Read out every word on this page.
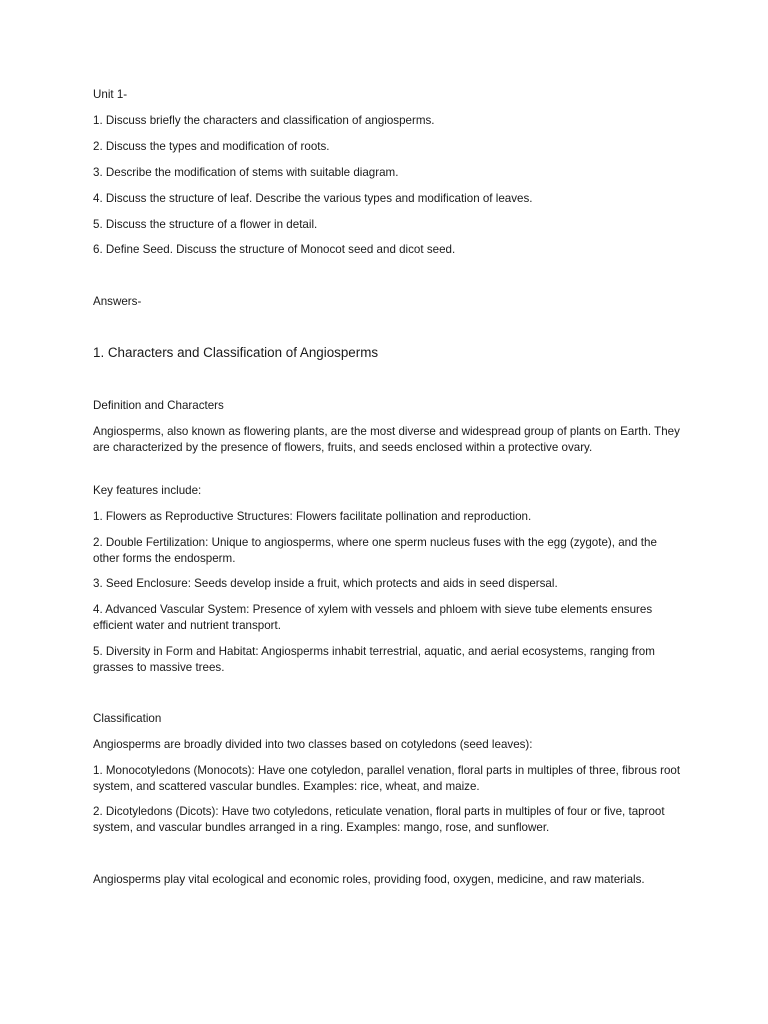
Unit 1-

1. Discuss briefly the characters and classification of angiosperms.

2. Discuss the types and modification of roots.

3. Describe the modification of stems with suitable diagram.

4. Discuss the structure of leaf. Describe the various types and modification of leaves.

5. Discuss the structure of a flower in detail.

6. Define Seed. Discuss the structure of Monocot seed and dicot seed.

Answers-

1. Characters and Classification of Angiosperms

Definition and Characters

Angiosperms, also known as flowering plants, are the most diverse and widespread group of plants on Earth. They are characterized by the presence of flowers, fruits, and seeds enclosed within a protective ovary.

Key features include:

1. Flowers as Reproductive Structures: Flowers facilitate pollination and reproduction.

2. Double Fertilization: Unique to angiosperms, where one sperm nucleus fuses with the egg (zygote), and the other forms the endosperm.

3. Seed Enclosure: Seeds develop inside a fruit, which protects and aids in seed dispersal.

4. Advanced Vascular System: Presence of xylem with vessels and phloem with sieve tube elements ensures efficient water and nutrient transport.

5. Diversity in Form and Habitat: Angiosperms inhabit terrestrial, aquatic, and aerial ecosystems, ranging from grasses to massive trees.

Classification

Angiosperms are broadly divided into two classes based on cotyledons (seed leaves):

1. Monocotyledons (Monocots): Have one cotyledon, parallel venation, floral parts in multiples of three, fibrous root system, and scattered vascular bundles. Examples: rice, wheat, and maize.

2. Dicotyledons (Dicots): Have two cotyledons, reticulate venation, floral parts in multiples of four or five, taproot system, and vascular bundles arranged in a ring. Examples: mango, rose, and sunflower.

Angiosperms play vital ecological and economic roles, providing food, oxygen, medicine, and raw materials.
